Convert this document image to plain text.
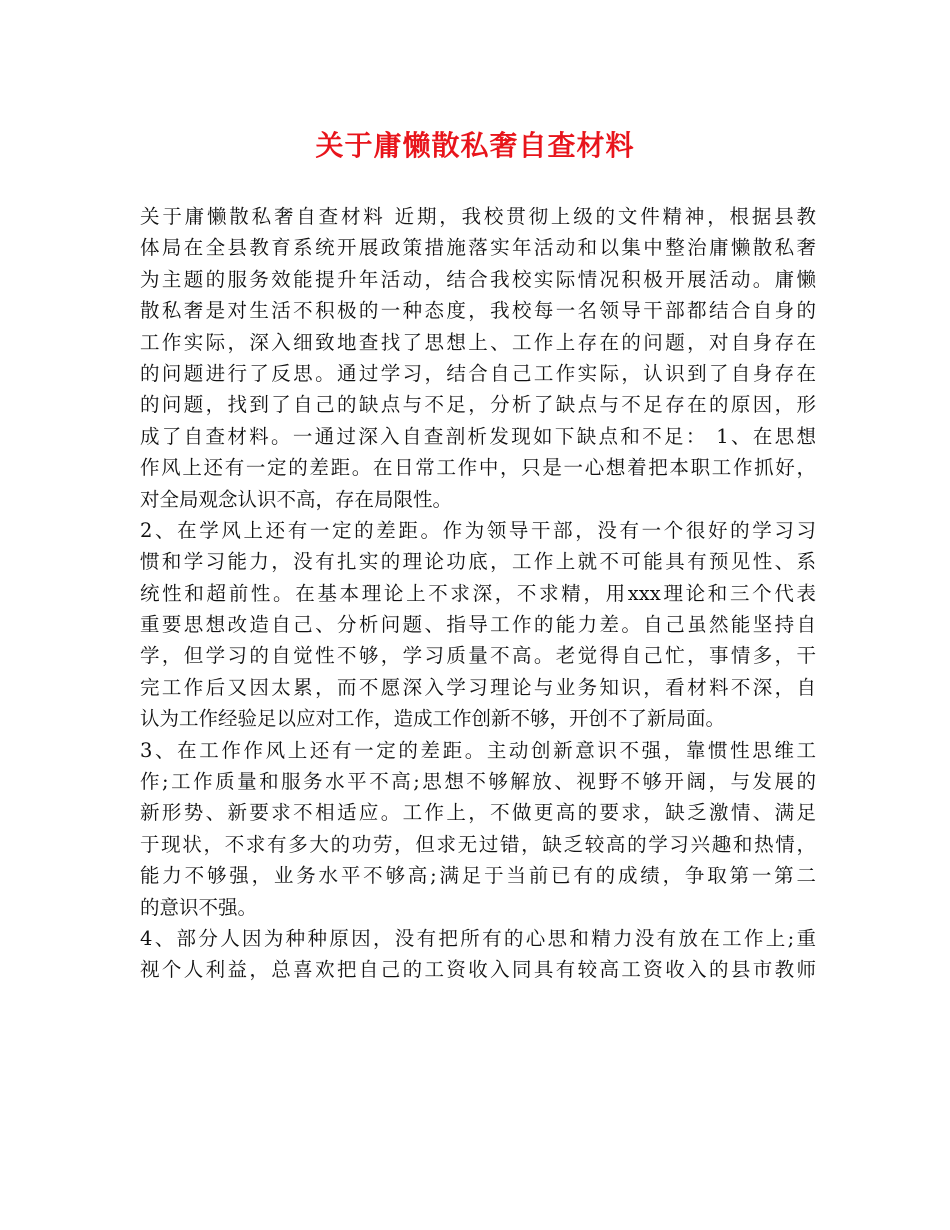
关于庸懒散私奢自查材料
关于庸懒散私奢自查材料 近期，我校贯彻上级的文件精神，根据县教
体局在全县教育系统开展政策措施落实年活动和以集中整治庸懒散私奢
为主题的服务效能提升年活动，结合我校实际情况积极开展活动。庸懒
散私奢是对生活不积极的一种态度，我校每一名领导干部都结合自身的
工作实际，深入细致地查找了思想上、工作上存在的问题，对自身存在
的问题进行了反思。通过学习，结合自己工作实际，认识到了自身存在
的问题，找到了自己的缺点与不足，分析了缺点与不足存在的原因，形
成了自查材料。一通过深入自查剖析发现如下缺点和不足： 1、在思想
作风上还有一定的差距。在日常工作中，只是一心想着把本职工作抓好，
对全局观念认识不高，存在局限性。
2、在学风上还有一定的差距。作为领导干部，没有一个很好的学习习
惯和学习能力，没有扎实的理论功底，工作上就不可能具有预见性、系
统性和超前性。在基本理论上不求深，不求精，用xxx理论和三个代表
重要思想改造自己、分析问题、指导工作的能力差。自己虽然能坚持自
学，但学习的自觉性不够，学习质量不高。老觉得自己忙，事情多，干
完工作后又因太累，而不愿深入学习理论与业务知识，看材料不深，自
认为工作经验足以应对工作，造成工作创新不够，开创不了新局面。
3、在工作作风上还有一定的差距。主动创新意识不强，靠惯性思维工
作;工作质量和服务水平不高;思想不够解放、视野不够开阔，与发展的
新形势、新要求不相适应。工作上，不做更高的要求，缺乏激情、满足
于现状，不求有多大的功劳，但求无过错，缺乏较高的学习兴趣和热情，
能力不够强，业务水平不够高;满足于当前已有的成绩，争取第一第二
的意识不强。
4、部分人因为种种原因，没有把所有的心思和精力没有放在工作上;重
视个人利益，总喜欢把自己的工资收入同具有较高工资收入的县市教师
